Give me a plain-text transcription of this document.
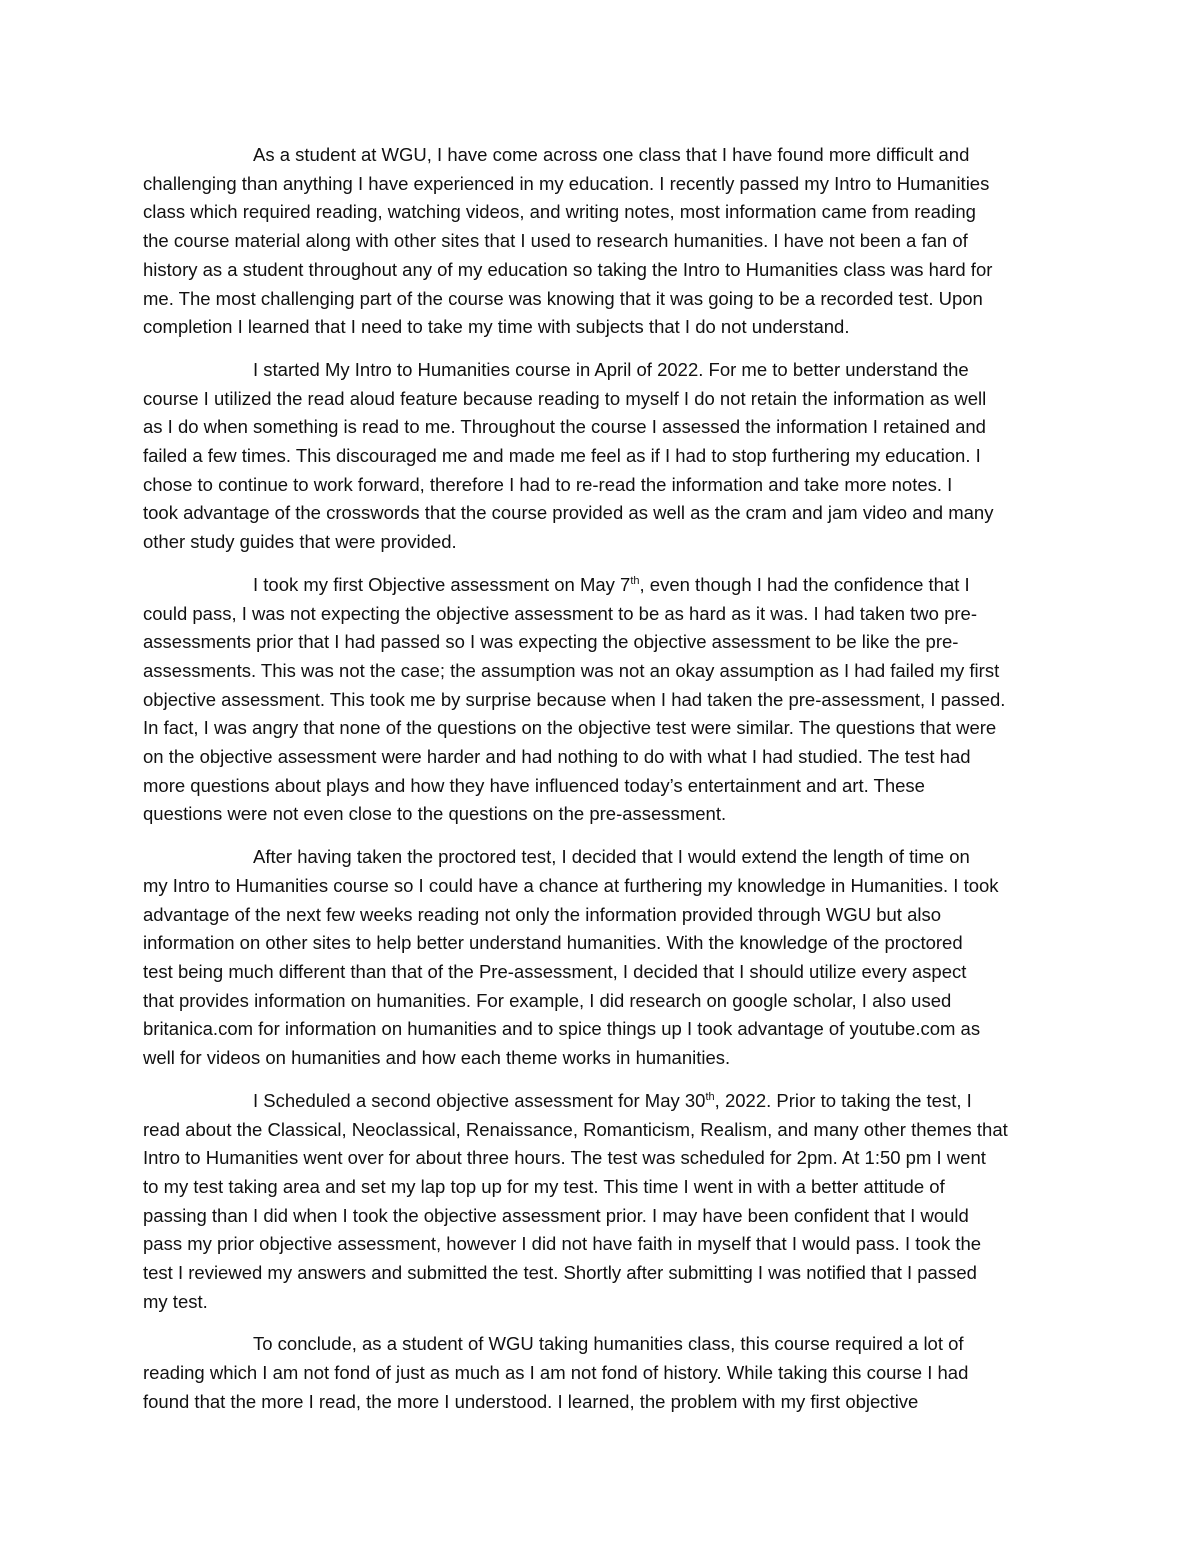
As a student at WGU, I have come across one class that I have found more difficult and
challenging than anything I have experienced in my education. I recently passed my Intro to Humanities
class which required reading, watching videos, and writing notes, most information came from reading
the course material along with other sites that I used to research humanities. I have not been a fan of
history as a student throughout any of my education so taking the Intro to Humanities class was hard for
me. The most challenging part of the course was knowing that it was going to be a recorded test. Upon
completion I learned that I need to take my time with subjects that I do not understand.

I started My Intro to Humanities course in April of 2022. For me to better understand the
course I utilized the read aloud feature because reading to myself I do not retain the information as well
as I do when something is read to me. Throughout the course I assessed the information I retained and
failed a few times. This discouraged me and made me feel as if I had to stop furthering my education. I
chose to continue to work forward, therefore I had to re-read the information and take more notes. I
took advantage of the crosswords that the course provided as well as the cram and jam video and many
other study guides that were provided.

I took my first Objective assessment on May 7th, even though I had the confidence that I
could pass, I was not expecting the objective assessment to be as hard as it was. I had taken two pre-
assessments prior that I had passed so I was expecting the objective assessment to be like the pre-
assessments. This was not the case; the assumption was not an okay assumption as I had failed my first
objective assessment. This took me by surprise because when I had taken the pre-assessment, I passed.
In fact, I was angry that none of the questions on the objective test were similar. The questions that were
on the objective assessment were harder and had nothing to do with what I had studied. The test had
more questions about plays and how they have influenced today’s entertainment and art. These
questions were not even close to the questions on the pre-assessment.

After having taken the proctored test, I decided that I would extend the length of time on
my Intro to Humanities course so I could have a chance at furthering my knowledge in Humanities. I took
advantage of the next few weeks reading not only the information provided through WGU but also
information on other sites to help better understand humanities. With the knowledge of the proctored
test being much different than that of the Pre-assessment, I decided that I should utilize every aspect
that provides information on humanities. For example, I did research on google scholar, I also used
britanica.com for information on humanities and to spice things up I took advantage of youtube.com as
well for videos on humanities and how each theme works in humanities.

I Scheduled a second objective assessment for May 30th, 2022. Prior to taking the test, I
read about the Classical, Neoclassical, Renaissance, Romanticism, Realism, and many other themes that
Intro to Humanities went over for about three hours. The test was scheduled for 2pm. At 1:50 pm I went
to my test taking area and set my lap top up for my test. This time I went in with a better attitude of
passing than I did when I took the objective assessment prior. I may have been confident that I would
pass my prior objective assessment, however I did not have faith in myself that I would pass. I took the
test I reviewed my answers and submitted the test. Shortly after submitting I was notified that I passed
my test.

To conclude, as a student of WGU taking humanities class, this course required a lot of
reading which I am not fond of just as much as I am not fond of history. While taking this course I had
found that the more I read, the more I understood. I learned, the problem with my first objective
